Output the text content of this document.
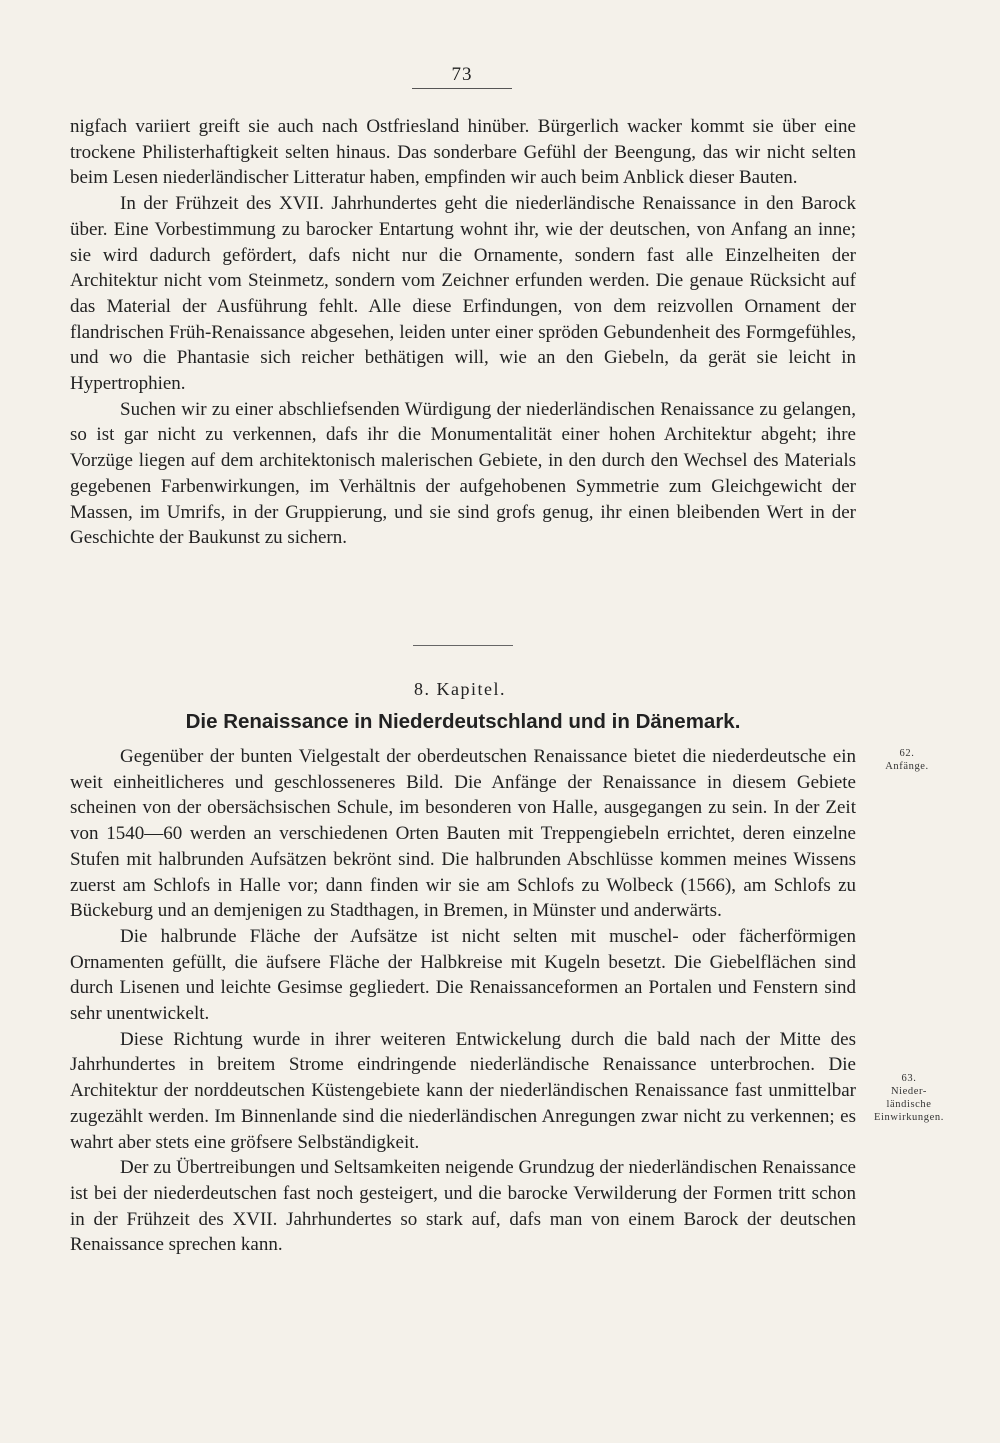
73

nigfach variiert greift sie auch nach Ostfriesland hinüber. Bürgerlich wacker kommt sie über eine trockene Philisterhaftigkeit selten hinaus. Das sonderbare Gefühl der Beengung, das wir nicht selten beim Lesen niederländischer Litteratur haben, empfinden wir auch beim Anblick dieser Bauten.

In der Frühzeit des XVII. Jahrhundertes geht die niederländische Renaissance in den Barock über. Eine Vorbestimmung zu barocker Entartung wohnt ihr, wie der deutschen, von Anfang an inne; sie wird dadurch gefördert, dafs nicht nur die Ornamente, sondern fast alle Einzelheiten der Architektur nicht vom Steinmetz, sondern vom Zeichner erfunden werden. Die genaue Rücksicht auf das Material der Ausführung fehlt. Alle diese Erfindungen, von dem reizvollen Ornament der flandrischen Früh-Renaissance abgesehen, leiden unter einer spröden Gebundenheit des Formgefühles, und wo die Phantasie sich reicher bethätigen will, wie an den Giebeln, da gerät sie leicht in Hypertrophien.

Suchen wir zu einer abschliefsenden Würdigung der niederländischen Renaissance zu gelangen, so ist gar nicht zu verkennen, dafs ihr die Monumentalität einer hohen Architektur abgeht; ihre Vorzüge liegen auf dem architektonisch malerischen Gebiete, in den durch den Wechsel des Materials gegebenen Farbenwirkungen, im Verhältnis der aufgehobenen Symmetrie zum Gleichgewicht der Massen, im Umrifs, in der Gruppierung, und sie sind grofs genug, ihr einen bleibenden Wert in der Geschichte der Baukunst zu sichern.

8. Kapitel.
Die Renaissance in Niederdeutschland und in Dänemark.

Gegenüber der bunten Vielgestalt der oberdeutschen Renaissance bietet die niederdeutsche ein weit einheitlicheres und geschlosseneres Bild. Die Anfänge der Renaissance in diesem Gebiete scheinen von der obersächsischen Schule, im besonderen von Halle, ausgegangen zu sein. In der Zeit von 1540—60 werden an verschiedenen Orten Bauten mit Treppengiebeln errichtet, deren einzelne Stufen mit halbrunden Aufsätzen bekrönt sind. Die halbrunden Abschlüsse kommen meines Wissens zuerst am Schlofs in Halle vor; dann finden wir sie am Schlofs zu Wolbeck (1566), am Schlofs zu Bückeburg und an demjenigen zu Stadthagen, in Bremen, in Münster und anderwärts.

Die halbrunde Fläche der Aufsätze ist nicht selten mit muschel- oder fächerförmigen Ornamenten gefüllt, die äufsere Fläche der Halbkreise mit Kugeln besetzt. Die Giebelflächen sind durch Lisenen und leichte Gesimse gegliedert. Die Renaissanceformen an Portalen und Fenstern sind sehr unentwickelt.

Diese Richtung wurde in ihrer weiteren Entwickelung durch die bald nach der Mitte des Jahrhundertes in breitem Strome eindringende niederländische Renaissance unterbrochen. Die Architektur der norddeutschen Küstengebiete kann der niederländischen Renaissance fast unmittelbar zugezählt werden. Im Binnenlande sind die niederländischen Anregungen zwar nicht zu verkennen; es wahrt aber stets eine gröfsere Selbständigkeit.

Der zu Übertreibungen und Seltsamkeiten neigende Grundzug der niederländischen Renaissance ist bei der niederdeutschen fast noch gesteigert, und die barocke Verwilderung der Formen tritt schon in der Frühzeit des XVII. Jahrhundertes so stark auf, dafs man von einem Barock der deutschen Renaissance sprechen kann.

62.
Anfänge.
63.
Nieder-
ländische
Einwirkungen.
